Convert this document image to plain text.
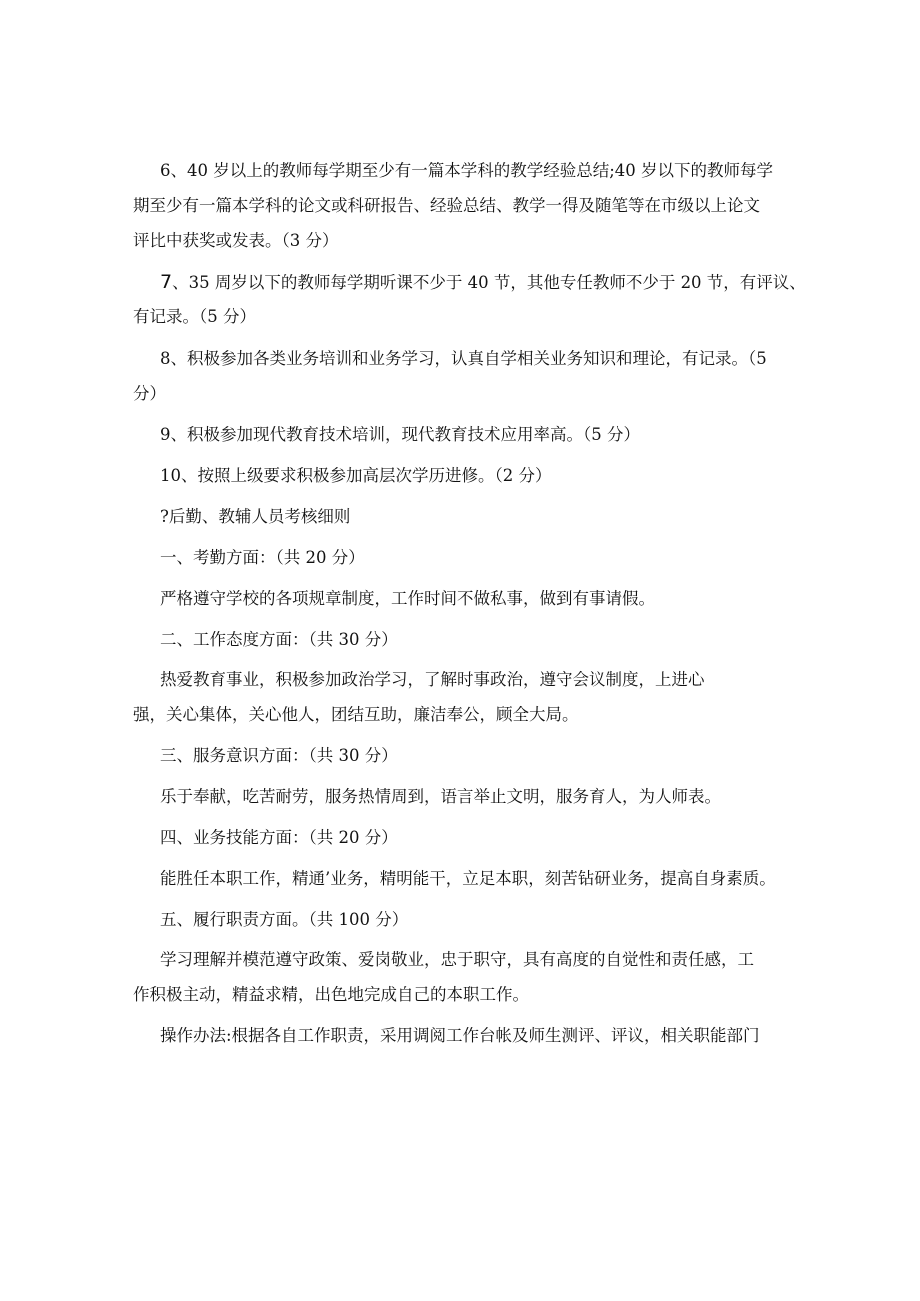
6、40 岁以上的教师每学期至少有一篇本学科的教学经验总结;40 岁以下的教师每学
期至少有一篇本学科的论文或科研报告、经验总结、教学一得及随笔等在市级以上论文
评比中获奖或发表。（3 分）
7、35 周岁以下的教师每学期听课不少于 40 节，其他专任教师不少于 20 节，有评议、
有记录。（5 分）
8、积极参加各类业务培训和业务学习，认真自学相关业务知识和理论，有记录。（5
分）
9、积极参加现代教育技术培训，现代教育技术应用率高。（5 分）
10、按照上级要求积极参加高层次学历进修。（2 分）
?后勤、教辅人员考核细则
一、考勤方面：（共 20 分）
严格遵守学校的各项规章制度，工作时间不做私事，做到有事请假。
二、工作态度方面：（共 30 分）
热爱教育事业，积极参加政治学习，了解时事政治，遵守会议制度，上进心
强，关心集体，关心他人，团结互助，廉洁奉公，顾全大局。
三、服务意识方面：（共 30 分）
乐于奉献，吃苦耐劳，服务热情周到，语言举止文明，服务育人，为人师表。
四、业务技能方面：（共 20 分）
能胜任本职工作，精通’业务，精明能干，立足本职，刻苦钻研业务，提高自身素质。
五、履行职责方面。（共 100 分）
学习理解并模范遵守政策、爱岗敬业，忠于职守，具有高度的自觉性和责任感，工
作积极主动，精益求精，出色地完成自己的本职工作。
操作办法:根据各自工作职责，采用调阅工作台帐及师生测评、评议，相关职能部门
